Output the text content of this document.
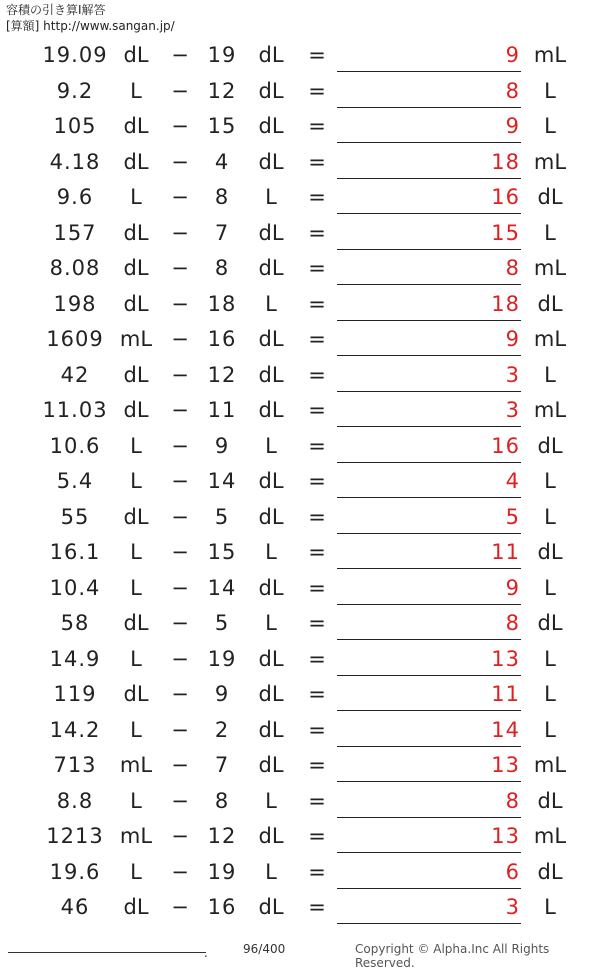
容積の引き算Ⅰ解答
[算額] http://www.sangan.jp/
19.09 dL − 19	dL =	9 mL
9.2	L	− 12	dL =	8	L
105	dL − 15	dL =	9	L
4.18	dL −	4	dL =	18 mL
9.6	L	−	8	L	=	16 dL
157	dL −	7	dL =	15	L
8.08	dL −	8	dL =	8 mL
198	dL − 18	L	=	18 dL
1609 mL − 16	dL =	9 mL
42	dL − 12	dL =	3	L
11.03 dL − 11	dL =	3 mL
10.6	L	−	9	L	=	16 dL
5.4	L	− 14	dL =	4	L
55	dL −	5	dL =	5	L
16.1	L	− 15	L	=	11 dL
10.4	L	− 14	dL =	9	L
58	dL −	5	L	=	8 dL
14.9	L	− 19	dL =	13	L
119	dL −	9	dL =	11	L
14.2	L	−	2	dL =	14	L
713	mL −	7	dL =	13 mL
8.8	L	−	8	L	=	8 dL
1213 mL − 12	dL =	13 mL
19.6	L	− 19	L	=	6 dL
46	dL − 16	dL =	3	L
.	96/400	Copyright © Alpha.Inc All Rights Reserved.
